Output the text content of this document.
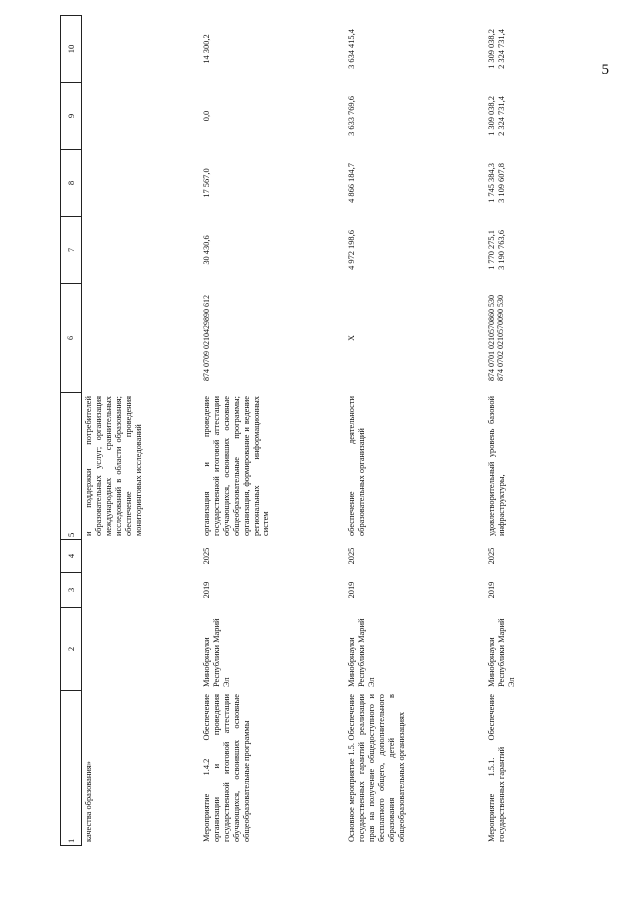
5
1	2	3	4	5	6	7	8	9	10
качества образования»				и поддержки потребителей образовательных услуг; организация международных сравнительных исследований в области образования; обеспечение проведения мониторинговых исследований					
Мероприятие 1.4.2 Обеспечение организации и проведения государственной итоговой аттестации обучающихся, освоивших основные общеобразовательные программы	Минобрнауки Республики Марий Эл	2019	2025	организация и проведение государственной итоговой аттестации обучающихся, освоивших основные общеобразовательные программы; организация, формирование и ведение региональных информационных систем	874 0709 0210429890 612	30 430,6	17 567,0	0,0	14 300,2
Основное мероприятие 1.5. Обеспечение государственных гарантий реализации прав на получение общедоступного и бесплатного общего, дополнительного образования детей в общеобразовательных организациях	Минобрнауки Республики Марий Эл	2019	2025	обеспечение деятельности образовательных организаций	Х	4 972 198,6	4 866 184,7	3 633 769,6	3 634 415,4
Мероприятие 1.5.1. Обеспечение государственных гарантий	Минобрнауки Республики Марий Эл	2019	2025	удовлетворительный уровень базовой инфраструктуры,	874 0701 0210570860 530 874 0702 0210570090 530	1 770 275,1 3 190 763,6	1 745 384,3 3 109 607,8	1 309 038,2 2 324 731,4	1 309 038,2 2 324 731,4
